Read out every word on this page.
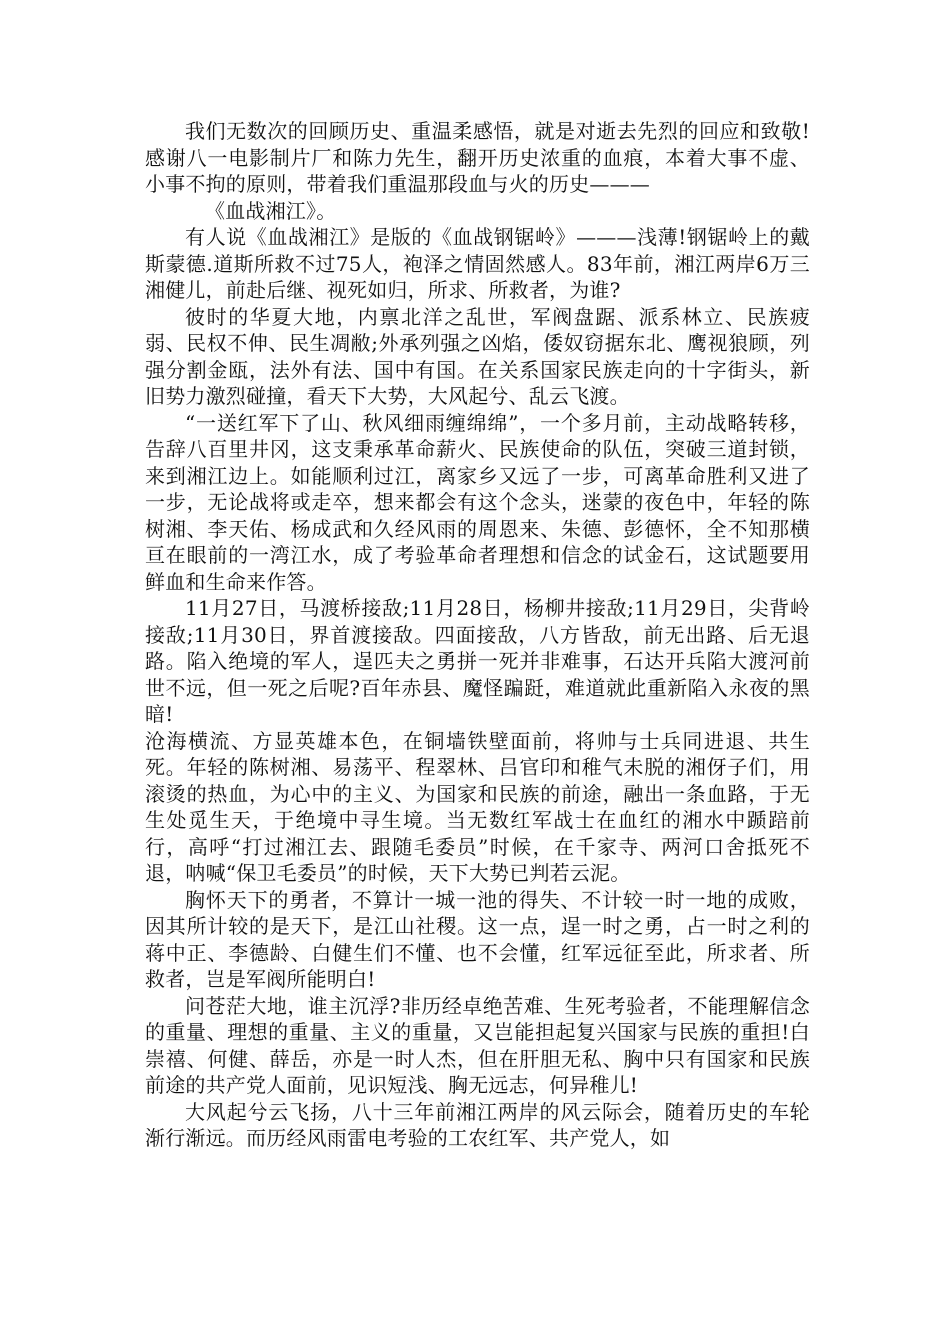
我们无数次的回顾历史、重温柔感悟，就是对逝去先烈的回应和致敬!感谢八一电影制片厂和陈力先生，翻开历史浓重的血痕，本着大事不虚、小事不拘的原则，带着我们重温那段血与火的历史———

《血战湘江》。

有人说《血战湘江》是版的《血战钢锯岭》———浅薄!钢锯岭上的戴斯蒙德.道斯所救不过75人，袍泽之情固然感人。83年前，湘江两岸6万三湘健儿，前赴后继、视死如归，所求、所救者，为谁?

彼时的华夏大地，内禀北洋之乱世，军阀盘踞、派系林立、民族疲弱、民权不伸、民生凋敝;外承列强之凶焰，倭奴窃据东北、鹰视狼顾，列强分割金瓯，法外有法、国中有国。在关系国家民族走向的十字街头，新旧势力激烈碰撞，看天下大势，大风起兮、乱云飞渡。

“一送红军下了山、秋风细雨缠绵绵”，一个多月前，主动战略转移，告辞八百里井冈，这支秉承革命薪火、民族使命的队伍，突破三道封锁，来到湘江边上。如能顺利过江，离家乡又远了一步，可离革命胜利又进了一步，无论战将或走卒，想来都会有这个念头，迷蒙的夜色中，年轻的陈树湘、李天佑、杨成武和久经风雨的周恩来、朱德、彭德怀，全不知那横亘在眼前的一湾江水，成了考验革命者理想和信念的试金石，这试题要用鲜血和生命来作答。

11月27日，马渡桥接敌;11月28日，杨柳井接敌;11月29日，尖背岭接敌;11月30日，界首渡接敌。四面接敌，八方皆敌，前无出路、后无退路。陷入绝境的军人，逞匹夫之勇拼一死并非难事，石达开兵陷大渡河前世不远，但一死之后呢?百年赤县、魔怪蹁跹，难道就此重新陷入永夜的黑暗!

沧海横流、方显英雄本色，在铜墙铁壁面前，将帅与士兵同进退、共生死。年轻的陈树湘、易荡平、程翠林、吕官印和稚气未脱的湘伢子们，用滚烫的热血，为心中的主义、为国家和民族的前途，融出一条血路，于无生处觅生天，于绝境中寻生境。当无数红军战士在血红的湘水中踬踣前行，高呼“打过湘江去、跟随毛委员”时候，在千家寺、两河口舍抵死不退，呐喊“保卫毛委员”的时候，天下大势已判若云泥。

胸怀天下的勇者，不算计一城一池的得失、不计较一时一地的成败，因其所计较的是天下，是江山社稷。这一点，逞一时之勇，占一时之利的蒋中正、李德龄、白健生们不懂、也不会懂，红军远征至此，所求者、所救者，岂是军阀所能明白!

问苍茫大地，谁主沉浮?非历经卓绝苦难、生死考验者，不能理解信念的重量、理想的重量、主义的重量，又岂能担起复兴国家与民族的重担!白崇禧、何健、薛岳，亦是一时人杰，但在肝胆无私、胸中只有国家和民族前途的共产党人面前，见识短浅、胸无远志，何异稚儿!

大风起兮云飞扬，八十三年前湘江两岸的风云际会，随着历史的车轮渐行渐远。而历经风雨雷电考验的工农红军、共产党人，如
